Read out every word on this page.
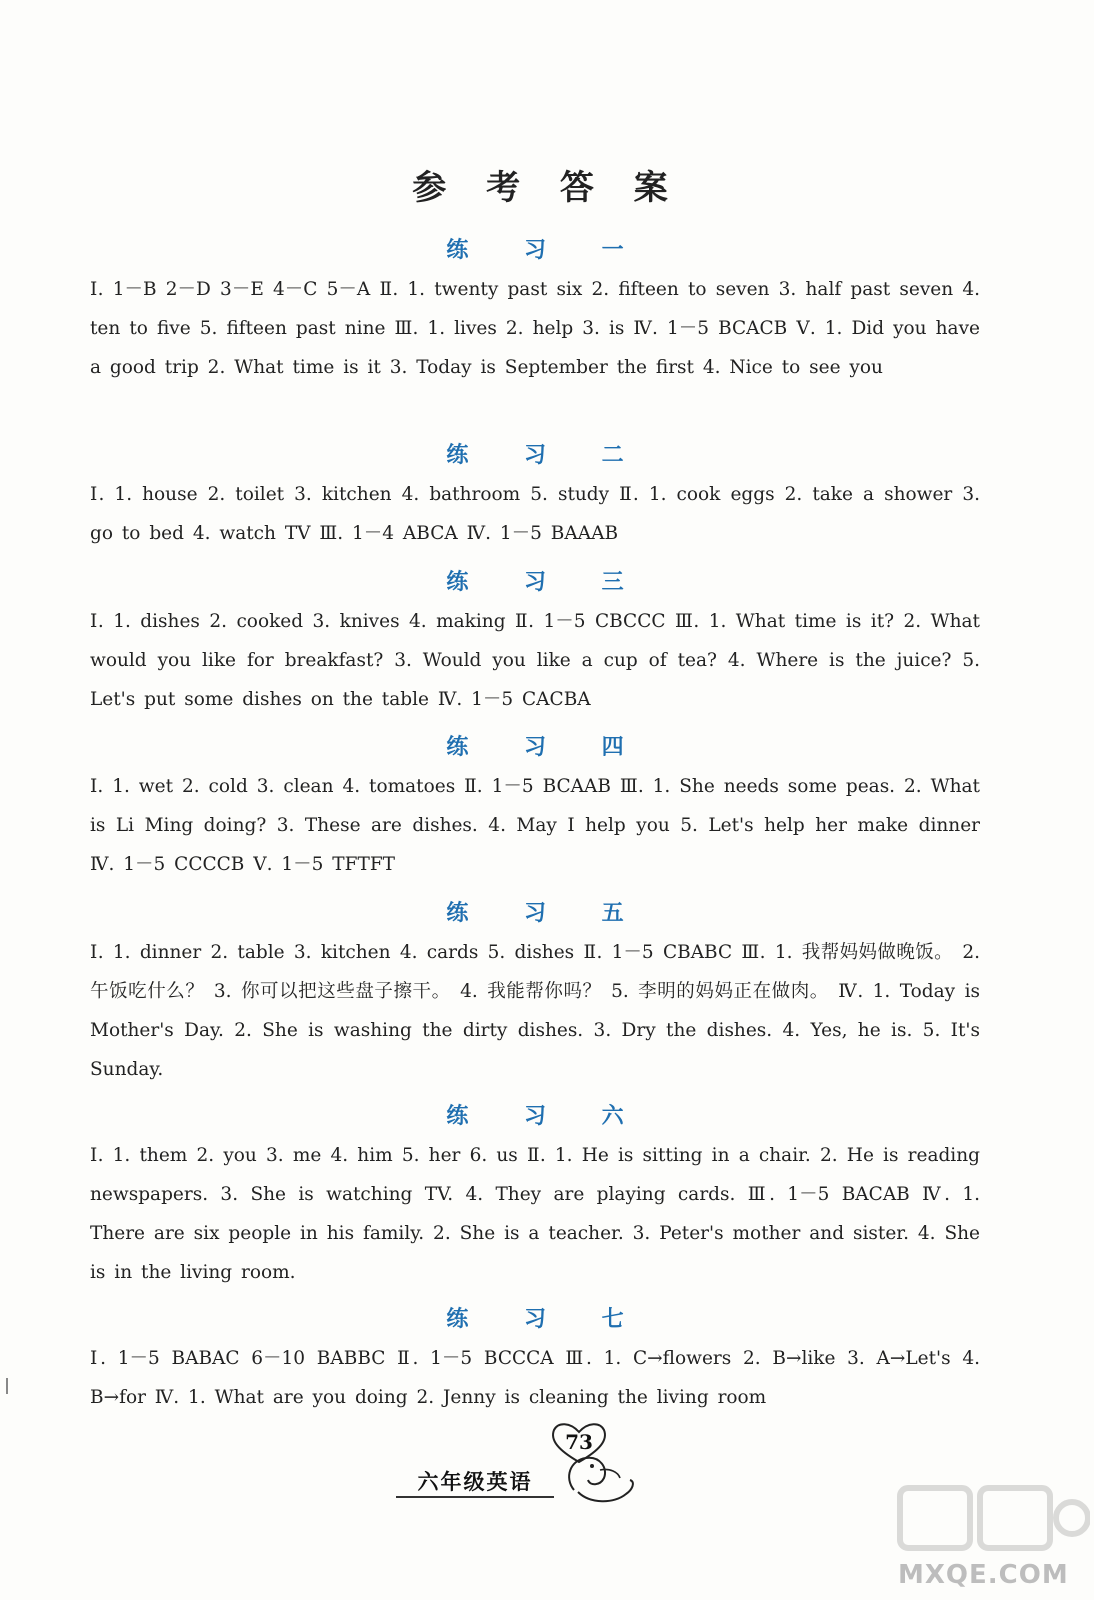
参 考 答 案
练 习 一
Ⅰ. 1－B 2－D 3－E 4－C 5－A Ⅱ. 1. twenty past six 2. fifteen to seven 3. half past seven 4. ten to five 5. fifteen past nine Ⅲ. 1. lives 2. help 3. is Ⅳ. 1－5 BCACB Ⅴ. 1. Did you have a good trip 2. What time is it 3. Today is September the first 4. Nice to see you
练 习 二
Ⅰ. 1. house 2. toilet 3. kitchen 4. bathroom 5. study Ⅱ. 1. cook eggs 2. take a shower 3. go to bed 4. watch TV Ⅲ. 1－4 ABCA Ⅳ. 1－5 BAAAB
练 习 三
Ⅰ. 1. dishes 2. cooked 3. knives 4. making Ⅱ. 1－5 CBCCC Ⅲ. 1. What time is it? 2. What would you like for breakfast? 3. Would you like a cup of tea? 4. Where is the juice? 5. Let's put some dishes on the table Ⅳ. 1－5 CACBA
练 习 四
Ⅰ. 1. wet 2. cold 3. clean 4. tomatoes Ⅱ. 1－5 BCAAB Ⅲ. 1. She needs some peas. 2. What is Li Ming doing? 3. These are dishes. 4. May I help you 5. Let's help her make dinner Ⅳ. 1－5 CCCCB Ⅴ. 1－5 TFTFT
练 习 五
Ⅰ. 1. dinner 2. table 3. kitchen 4. cards 5. dishes Ⅱ. 1－5 CBABC Ⅲ. 1. 我帮妈妈做晚饭。 2. 午饭吃什么？ 3. 你可以把这些盘子擦干。 4. 我能帮你吗？ 5. 李明的妈妈正在做肉。 Ⅳ. 1. Today is Mother's Day. 2. She is washing the dirty dishes. 3. Dry the dishes. 4. Yes, he is. 5. It's Sunday.
练 习 六
Ⅰ. 1. them 2. you 3. me 4. him 5. her 6. us Ⅱ. 1. He is sitting in a chair. 2. He is reading newspapers. 3. She is watching TV. 4. They are playing cards. Ⅲ. 1－5 BACAB Ⅳ. 1. There are six people in his family. 2. She is a teacher. 3. Peter's mother and sister. 4. She is in the living room.
练 习 七
Ⅰ. 1－5 BABAC 6－10 BABBC Ⅱ. 1－5 BCCCA Ⅲ. 1. C→flowers 2. B→like 3. A→Let's 4. B→for Ⅳ. 1. What are you doing 2. Jenny is cleaning the living room
73
六年级英语
MXQE.COM
